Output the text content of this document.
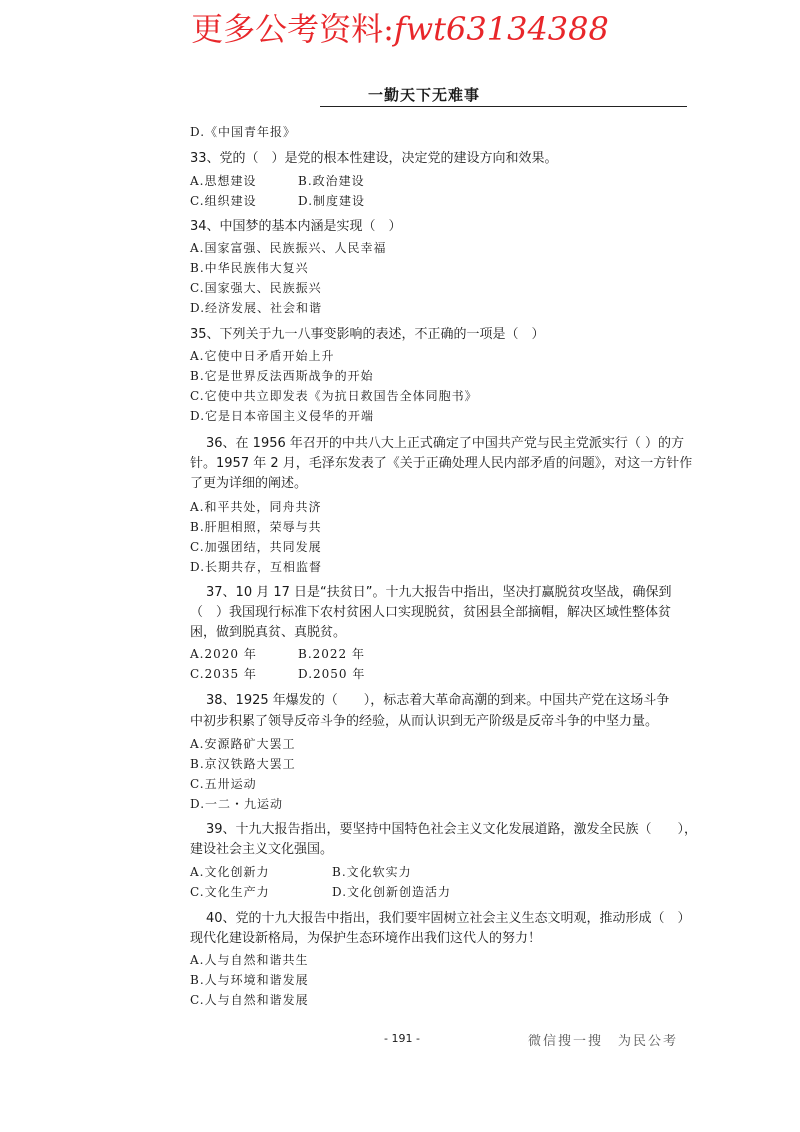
更多公考资料:fwt63134388
一勤天下无难事
D.《中国青年报》
33、党的（　）是党的根本性建设，决定党的建设方向和效果。
A.思想建设	B.政治建设
C.组织建设	D.制度建设
34、中国梦的基本内涵是实现（　）
A.国家富强、民族振兴、人民幸福
B.中华民族伟大复兴
C.国家强大、民族振兴
D.经济发展、社会和谐
35、下列关于九一八事变影响的表述，不正确的一项是（　）
A.它使中日矛盾开始上升
B.它是世界反法西斯战争的开始
C.它使中共立即发表《为抗日救国告全体同胞书》
D.它是日本帝国主义侵华的开端
36、在 1956 年召开的中共八大上正式确定了中国共产党与民主党派实行（ ）的方
针。1957 年 2 月，毛泽东发表了《关于正确处理人民内部矛盾的问题》，对这一方针作
了更为详细的阐述。
A.和平共处，同舟共济
B.肝胆相照，荣辱与共
C.加强团结，共同发展
D.长期共存，互相监督
37、10 月 17 日是“扶贫日”。十九大报告中指出，坚决打赢脱贫攻坚战，确保到
（　）我国现行标准下农村贫困人口实现脱贫，贫困县全部摘帽，解决区域性整体贫
困，做到脱真贫、真脱贫。
A.2020 年	B.2022 年
C.2035 年	D.2050 年
38、1925 年爆发的（　　），标志着大革命高潮的到来。中国共产党在这场斗争
中初步积累了领导反帝斗争的经验，从而认识到无产阶级是反帝斗争的中坚力量。
A.安源路矿大罢工
B.京汉铁路大罢工
C.五卅运动
D.一二・九运动
39、十九大报告指出，要坚持中国特色社会主义文化发展道路，激发全民族（　　），
建设社会主义文化强国。
A.文化创新力	B.文化软实力
C.文化生产力	D.文化创新创造活力
40、党的十九大报告中指出，我们要牢固树立社会主义生态文明观，推动形成（　）
现代化建设新格局，为保护生态环境作出我们这代人的努力！
A.人与自然和谐共生
B.人与环境和谐发展
C.人与自然和谐发展
- 191 -	微信搜一搜　为民公考
